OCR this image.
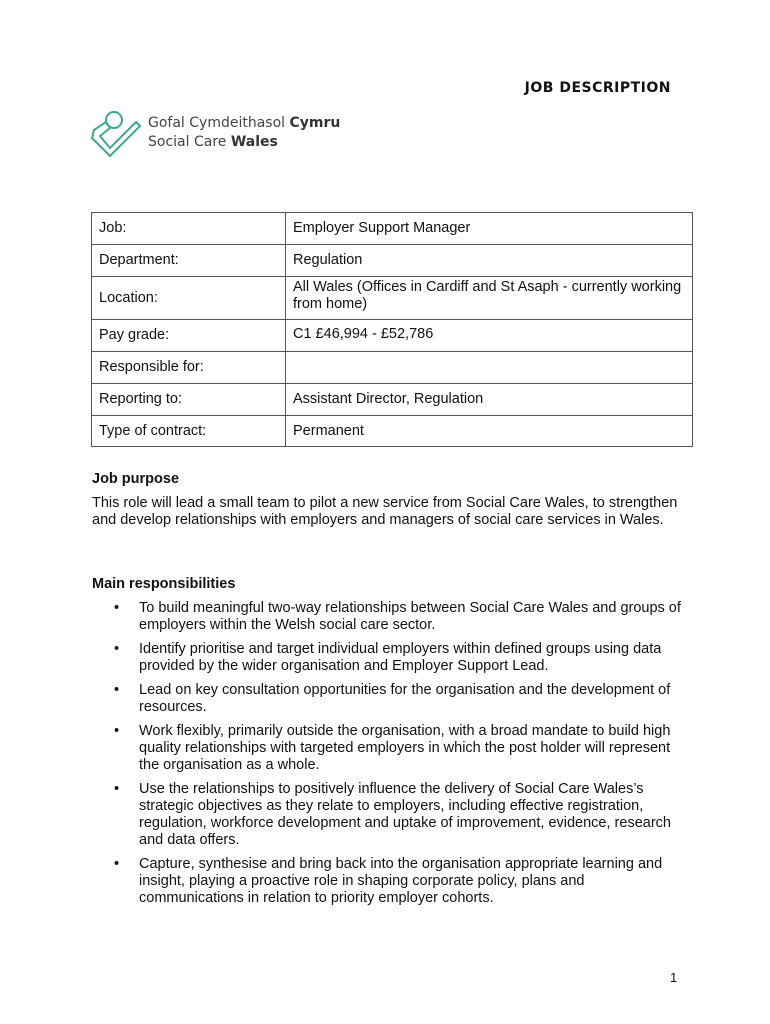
JOB DESCRIPTION
Gofal Cymdeithasol Cymru
Social Care Wales
Job:	Employer Support Manager
Department:	Regulation
Location:	All Wales (Offices in Cardiff and St Asaph - currently working from home)
Pay grade:	C1 £46,994 - £52,786
Responsible for:	
Reporting to:	Assistant Director, Regulation
Type of contract:	Permanent
Job purpose

This role will lead a small team to pilot a new service from Social Care Wales, to strengthen and develop relationships with employers and managers of social care services in Wales.

Main responsibilities
• To build meaningful two-way relationships between Social Care Wales and groups of employers within the Welsh social care sector.
• Identify prioritise and target individual employers within defined groups using data provided by the wider organisation and Employer Support Lead.
• Lead on key consultation opportunities for the organisation and the development of resources.
• Work flexibly, primarily outside the organisation, with a broad mandate to build high quality relationships with targeted employers in which the post holder will represent the organisation as a whole.
• Use the relationships to positively influence the delivery of Social Care Wales’s strategic objectives as they relate to employers, including effective registration, regulation, workforce development and uptake of improvement, evidence, research and data offers.
• Capture, synthesise and bring back into the organisation appropriate learning and insight, playing a proactive role in shaping corporate policy, plans and communications in relation to priority employer cohorts.
1
